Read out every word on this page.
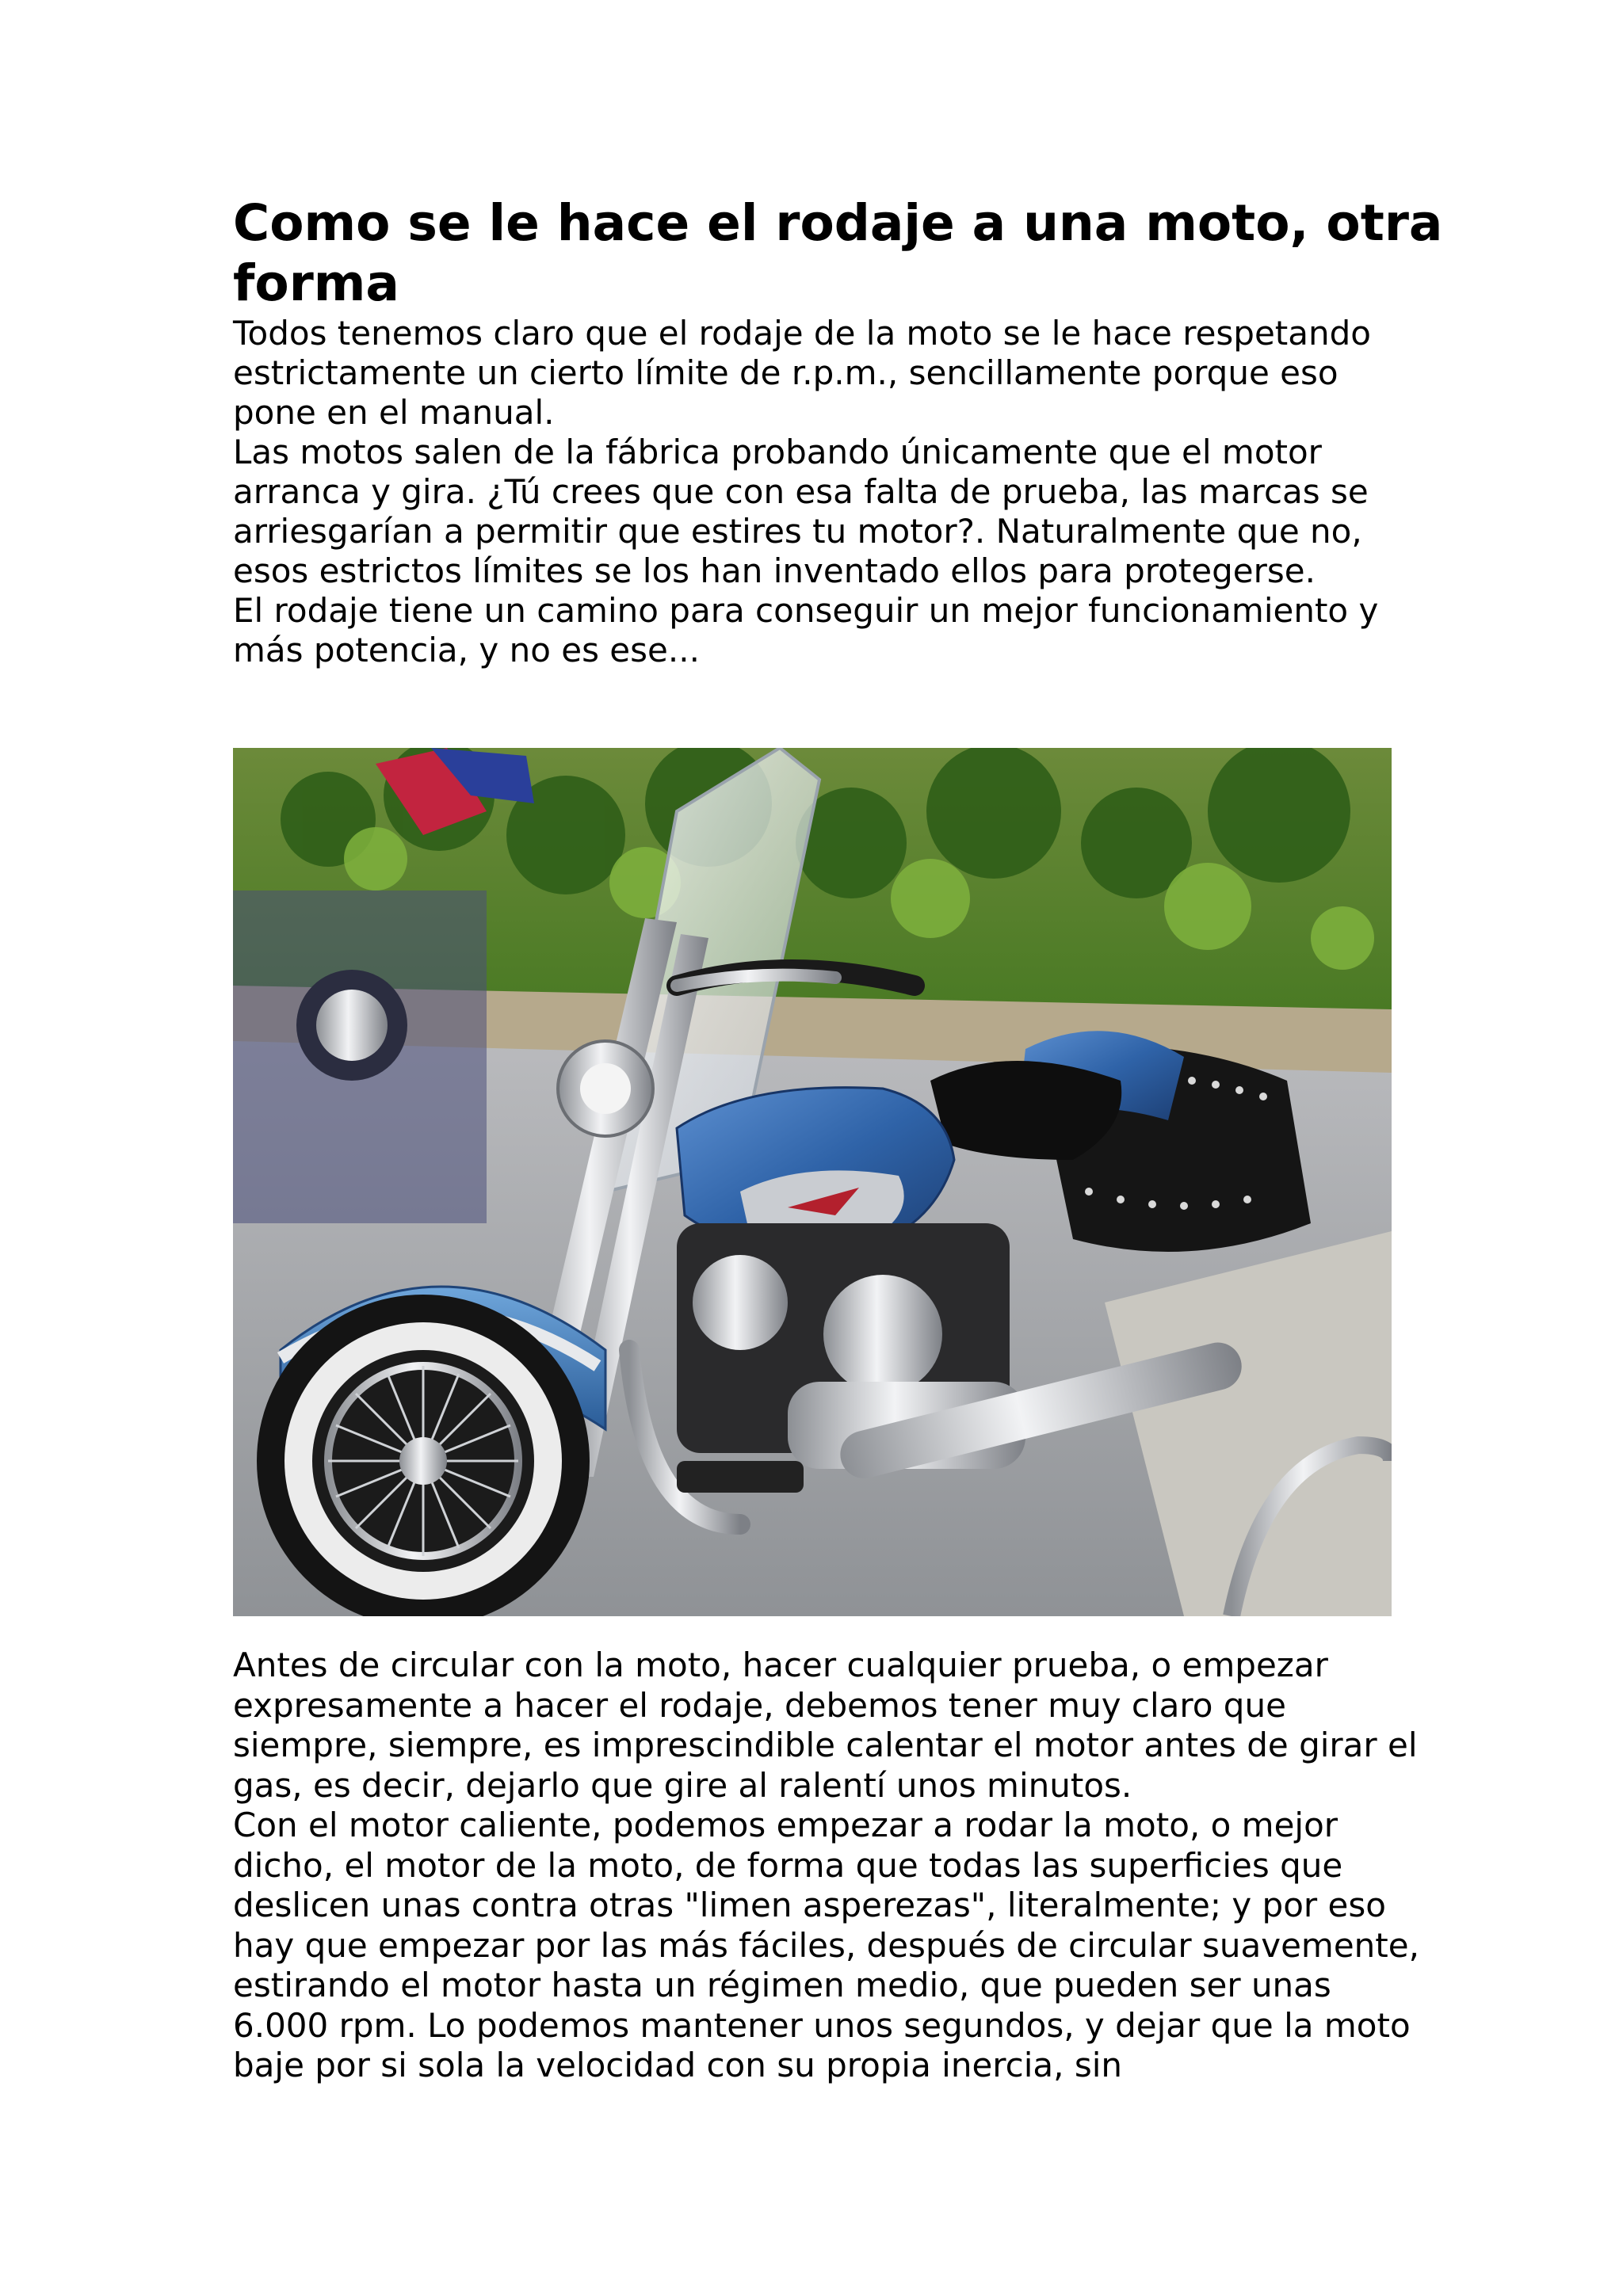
Como se le hace el rodaje a una moto, otra forma

Todos tenemos claro que el rodaje de la moto se le hace respetando estrictamente un cierto límite de r.p.m., sencillamente porque eso pone en el manual.

Las motos salen de la fábrica probando únicamente que el motor arranca y gira. ¿Tú crees que con esa falta de prueba, las marcas se arriesgarían a permitir que estires tu motor?. Naturalmente que no, esos estrictos límites se los han inventado ellos para protegerse.

El rodaje tiene un camino para conseguir un mejor funcionamiento y más potencia, y no es ese...

Antes de circular con la moto, hacer cualquier prueba, o empezar expresamente a hacer el rodaje, debemos tener muy claro que siempre, siempre, es imprescindible calentar el motor antes de girar el gas, es decir, dejarlo que gire al ralentí unos minutos.

Con el motor caliente, podemos empezar a rodar la moto, o mejor dicho, el motor de la moto, de forma que todas las superficies que deslicen unas contra otras "limen asperezas", literalmente; y por eso hay que empezar por las más fáciles, después de circular suavemente, estirando el motor hasta un régimen medio, que pueden ser unas 6.000 rpm. Lo podemos mantener unos segundos, y dejar que la moto baje por si sola la velocidad con su propia inercia, sin
